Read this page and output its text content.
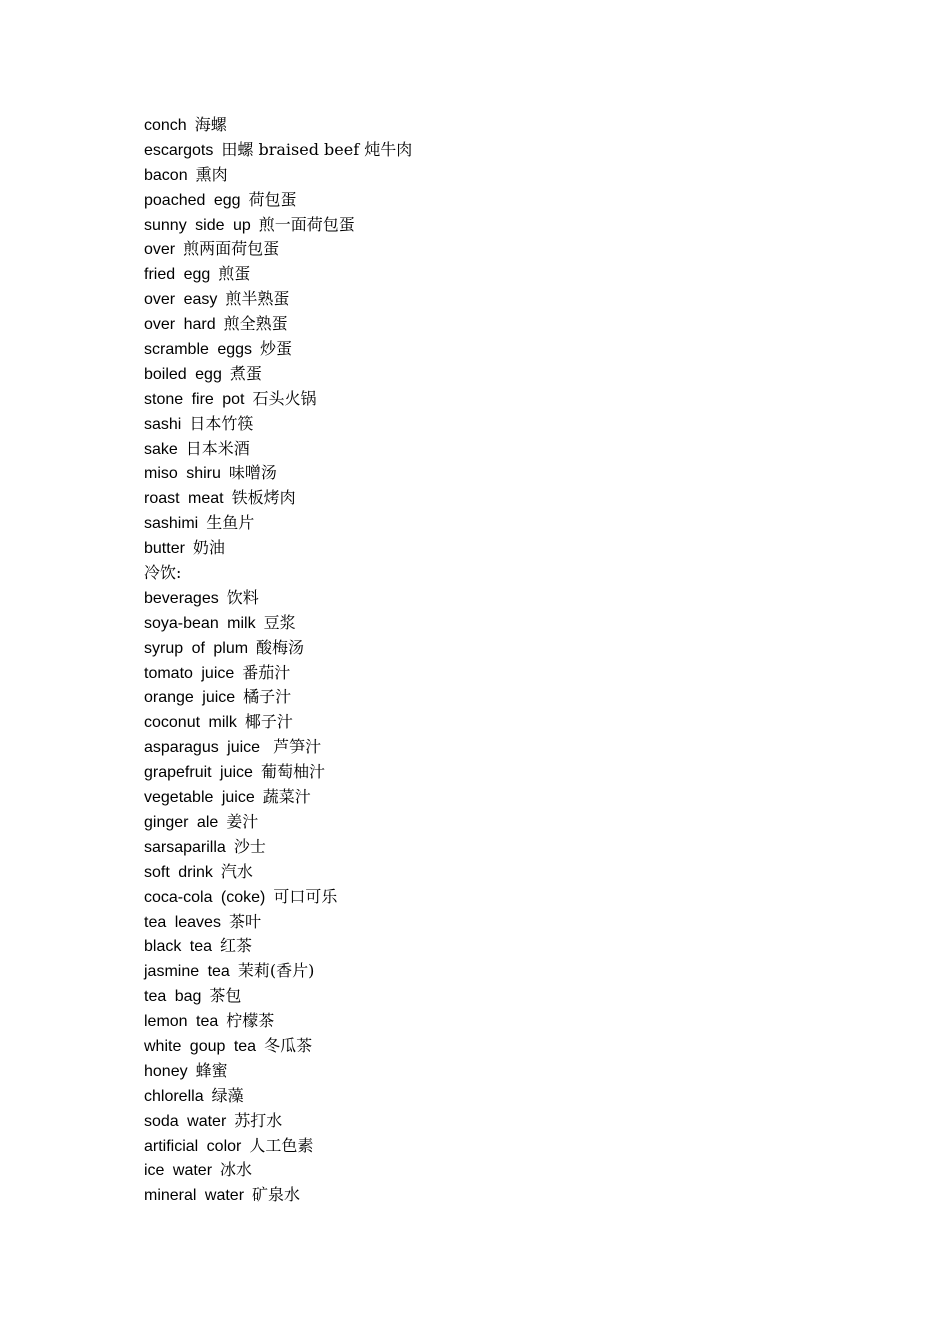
conch 海螺
escargots 田螺 braised beef 炖牛肉
bacon 熏肉
poached egg 荷包蛋
sunny side up 煎一面荷包蛋
over 煎两面荷包蛋
fried egg 煎蛋
over easy 煎半熟蛋
over hard 煎全熟蛋
scramble eggs 炒蛋
boiled egg 煮蛋
stone fire pot 石头火锅
sashi 日本竹筷
sake 日本米酒
miso shiru 味噌汤
roast meat 铁板烤肉
sashimi 生鱼片
butter 奶油
冷饮:
beverages 饮料
soya-bean milk 豆浆
syrup of plum 酸梅汤
tomato juice 番茄汁
orange juice 橘子汁
coconut milk 椰子汁
asparagus juice 芦笋汁
grapefruit juice 葡萄柚汁
vegetable juice 蔬菜汁
ginger ale 姜汁
sarsaparilla 沙士
soft drink 汽水
coca-cola (coke) 可口可乐
tea leaves 茶叶
black tea 红茶
jasmine tea 茉莉(香片)
tea bag 茶包
lemon tea 柠檬茶
white goup tea 冬瓜茶
honey 蜂蜜
chlorella 绿藻
soda water 苏打水
artificial color 人工色素
ice water 冰水
mineral water 矿泉水
